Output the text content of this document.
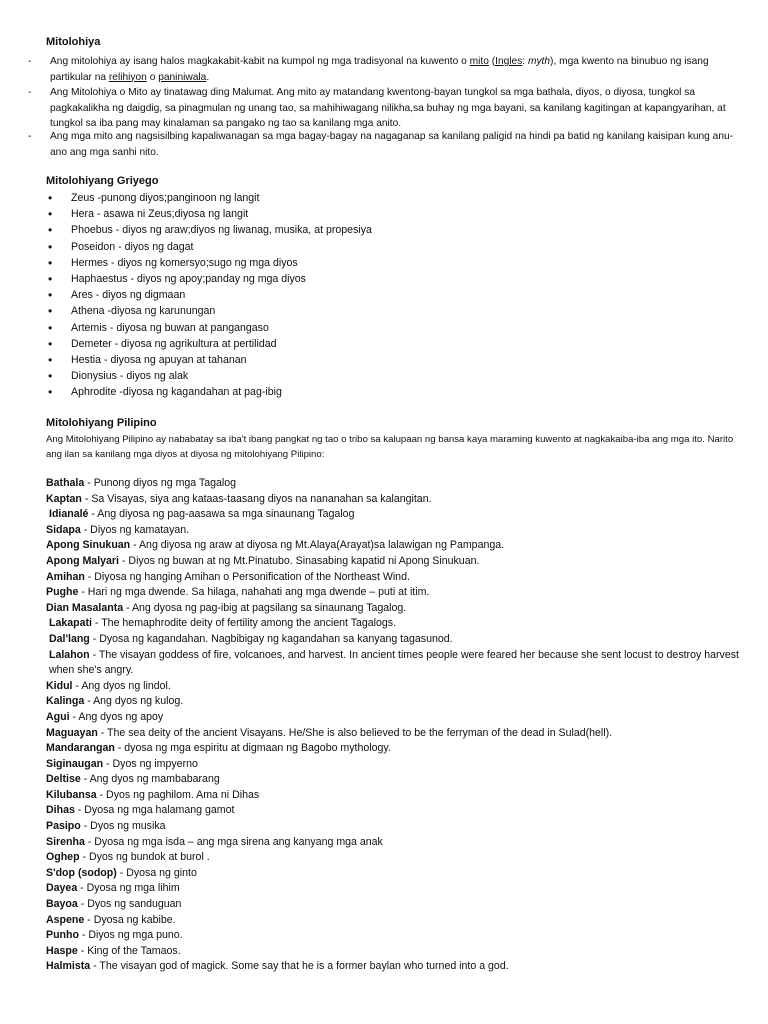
Mitolohiya
- Ang mitolohiya ay isang halos magkakabit-kabit na kumpol ng mga tradisyonal na kuwento o mito (Ingles: myth), mga kwento na binubuo ng isang partikular na relihiyon o paniniwala.
- Ang Mitolohiya o Mito ay tinatawag ding Malumat. Ang mito ay matandang kwentong-bayan tungkol sa mga bathala, diyos, o diyosa, tungkol sa pagkakalikha ng daigdig, sa pinagmulan ng unang tao, sa mahihiwagang nilikha,sa buhay ng mga bayani, sa kanilang kagitingan at kapangyarihan, at tungkol sa iba pang may kinalaman sa pangako ng tao sa kanilang mga anito.
- Ang mga mito ang nagsisilbing kapaliwanagan sa mga bagay-bagay na nagaganap sa kanilang paligid na hindi pa batid ng kanilang kaisipan kung anu-ano ang mga sanhi nito.
Mitolohiyang Griyego
• Zeus -punong diyos;panginoon ng langit
• Hera - asawa ni Zeus;diyosa ng langit
• Phoebus - diyos ng araw;diyos ng liwanag, musika, at propesiya
• Poseidon - diyos ng dagat
• Hermes - diyos ng komersyo;sugo ng mga diyos
• Haphaestus - diyos ng apoy;panday ng mga diyos
• Ares - diyos ng digmaan
• Athena -diyosa ng karunungan
• Artemis - diyosa ng buwan at pangangaso
• Demeter - diyosa ng agrikultura at pertilidad
• Hestia - diyosa ng apuyan at tahanan
• Dionysius - diyos ng alak
• Aphrodite -diyosa ng kagandahan at pag-ibig
Mitolohiyang Pilipino
Ang Mitolohiyang Pilipino ay nababatay sa iba't ibang pangkat ng tao o tribo sa kalupaan ng bansa kaya maraming kuwento at nagkakaiba-iba ang mga ito. Narito ang ilan sa kanilang mga diyos at diyosa ng mitolohiyang Pilipino:
Bathala - Punong diyos ng mga Tagalog
Kaptan - Sa Visayas, siya ang kataas-taasang diyos na nananahan sa kalangitan.
Idianalé - Ang diyosa ng pag-aasawa sa mga sinaunang Tagalog
Sidapa - Diyos ng kamatayan.
Apong Sinukuan - Ang diyosa ng araw at diyosa ng Mt.Alaya(Arayat)sa lalawigan ng Pampanga.
Apong Malyari - Diyos ng buwan at ng Mt.Pinatubo. Sinasabing kapatid ni Apong Sinukuan.
Amihan - Diyosa ng hanging Amihan o Personification of the Northeast Wind.
Pughe - Hari ng mga dwende. Sa hilaga, nahahati ang mga dwende – puti at itim.
Dian Masalanta - Ang dyosa ng pag-ibig at pagsilang sa sinaunang Tagalog.
Lakapati - The hemaphrodite deity of fertility among the ancient Tagalogs.
Dal'lang - Dyosa ng kagandahan. Nagbibigay ng kagandahan sa kanyang tagasunod.
Lalahon - The visayan goddess of fire, volcanoes, and harvest. In ancient times people were feared her because she sent locust to destroy harvest when she's angry.
Kidul - Ang dyos ng lindol.
Kalinga - Ang dyos ng kulog.
Agui - Ang dyos ng apoy
Maguayan - The sea deity of the ancient Visayans. He/She is also believed to be the ferryman of the dead in Sulad(hell).
Mandarangan - dyosa ng mga espiritu at digmaan ng Bagobo mythology.
Siginaugan - Dyos ng impyerno
Deltise - Ang dyos ng mambabarang
Kilubansa - Dyos ng paghilom. Ama ni Dihas
Dihas - Dyosa ng mga halamang gamot
Pasipo - Dyos ng musika
Sirenha - Dyosa ng mga isda – ang mga sirena ang kanyang mga anak
Oghep - Dyos ng bundok at burol .
S'dop (sodop) - Dyosa ng ginto
Dayea - Dyosa ng mga lihim
Bayoa - Dyos ng sanduguan
Aspene - Dyosa ng kabibe.
Punho - Diyos ng mga puno.
Haspe - King of the Tamaos.
Halmista - The visayan god of magick. Some say that he is a former baylan who turned into a god.
